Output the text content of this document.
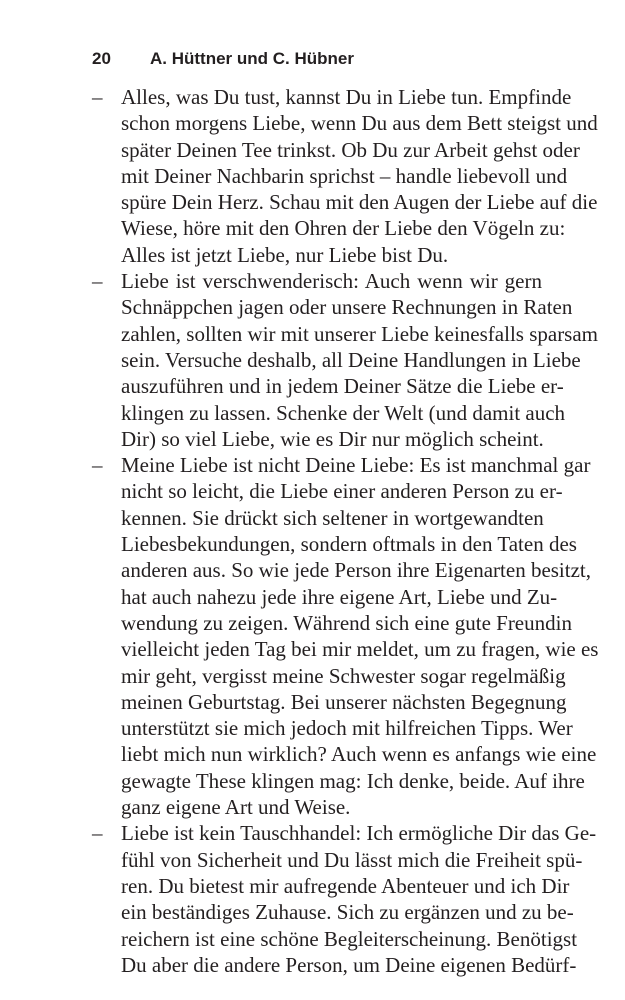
20 A. Hüttner und C. Hübner
– Alles, was Du tust, kannst Du in Liebe tun. Empfinde
schon morgens Liebe, wenn Du aus dem Bett steigst und
später Deinen Tee trinkst. Ob Du zur Arbeit gehst oder
mit Deiner Nachbarin sprichst – handle liebevoll und
spüre Dein Herz. Schau mit den Augen der Liebe auf die
Wiese, höre mit den Ohren der Liebe den Vögeln zu:
Alles ist jetzt Liebe, nur Liebe bist Du.
– Liebe ist verschwenderisch: Auch wenn wir gern
Schnäppchen jagen oder unsere Rechnungen in Raten
zahlen, sollten wir mit unserer Liebe keinesfalls sparsam
sein. Versuche deshalb, all Deine Handlungen in Liebe
auszuführen und in jedem Deiner Sätze die Liebe er-
klingen zu lassen. Schenke der Welt (und damit auch
Dir) so viel Liebe, wie es Dir nur möglich scheint.
– Meine Liebe ist nicht Deine Liebe: Es ist manchmal gar
nicht so leicht, die Liebe einer anderen Person zu er-
kennen. Sie drückt sich seltener in wortgewandten
Liebesbekundungen, sondern oftmals in den Taten des
anderen aus. So wie jede Person ihre Eigenarten besitzt,
hat auch nahezu jede ihre eigene Art, Liebe und Zu-
wendung zu zeigen. Während sich eine gute Freundin
vielleicht jeden Tag bei mir meldet, um zu fragen, wie es
mir geht, vergisst meine Schwester sogar regelmäßig
meinen Geburtstag. Bei unserer nächsten Begegnung
unterstützt sie mich jedoch mit hilfreichen Tipps. Wer
liebt mich nun wirklich? Auch wenn es anfangs wie eine
gewagte These klingen mag: Ich denke, beide. Auf ihre
ganz eigene Art und Weise.
– Liebe ist kein Tauschhandel: Ich ermögliche Dir das Ge-
fühl von Sicherheit und Du lässt mich die Freiheit spü-
ren. Du bietest mir aufregende Abenteuer und ich Dir
ein beständiges Zuhause. Sich zu ergänzen und zu be-
reichern ist eine schöne Begleiterscheinung. Benötigst
Du aber die andere Person, um Deine eigenen Bedürf-
